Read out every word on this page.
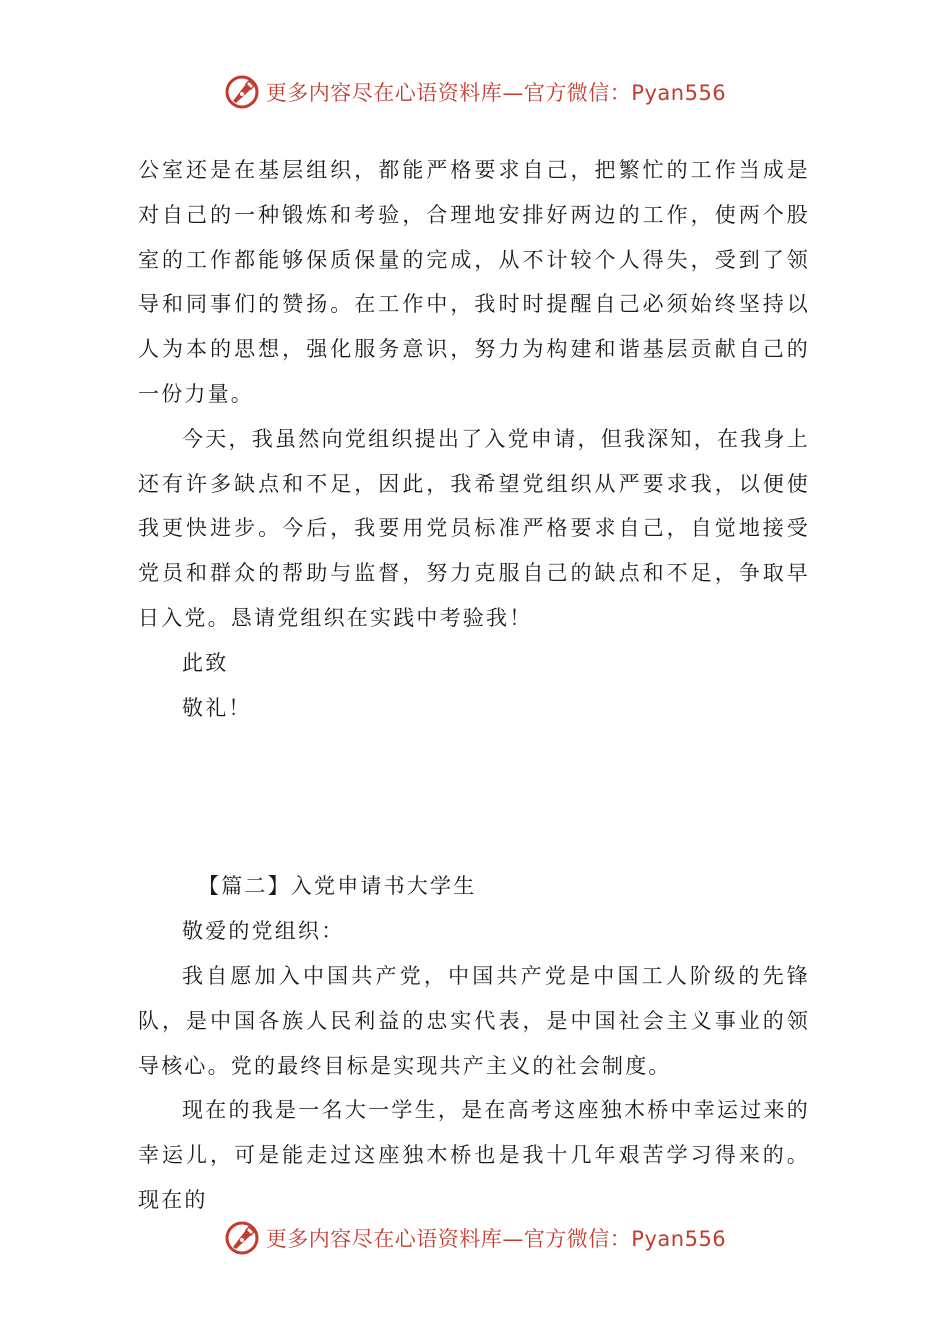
更多内容尽在心语资料库—官方微信：Pyan556

公室还是在基层组织，都能严格要求自己，把繁忙的工作当成是对自己的一种锻炼和考验，合理地安排好两边的工作，使两个股室的工作都能够保质保量的完成，从不计较个人得失，受到了领导和同事们的赞扬。在工作中，我时时提醒自己必须始终坚持以人为本的思想，强化服务意识，努力为构建和谐基层贡献自己的一份力量。

今天，我虽然向党组织提出了入党申请，但我深知，在我身上还有许多缺点和不足，因此，我希望党组织从严要求我，以便使我更快进步。今后，我要用党员标准严格要求自己，自觉地接受党员和群众的帮助与监督，努力克服自己的缺点和不足，争取早日入党。恳请党组织在实践中考验我！

此致

敬礼！

【篇二】入党申请书大学生

敬爱的党组织：

我自愿加入中国共产党，中国共产党是中国工人阶级的先锋队，是中国各族人民利益的忠实代表，是中国社会主义事业的领导核心。党的最终目标是实现共产主义的社会制度。

现在的我是一名大一学生，是在高考这座独木桥中幸运过来的幸运儿，可是能走过这座独木桥也是我十几年艰苦学习得来的。现在的

更多内容尽在心语资料库—官方微信：Pyan556
